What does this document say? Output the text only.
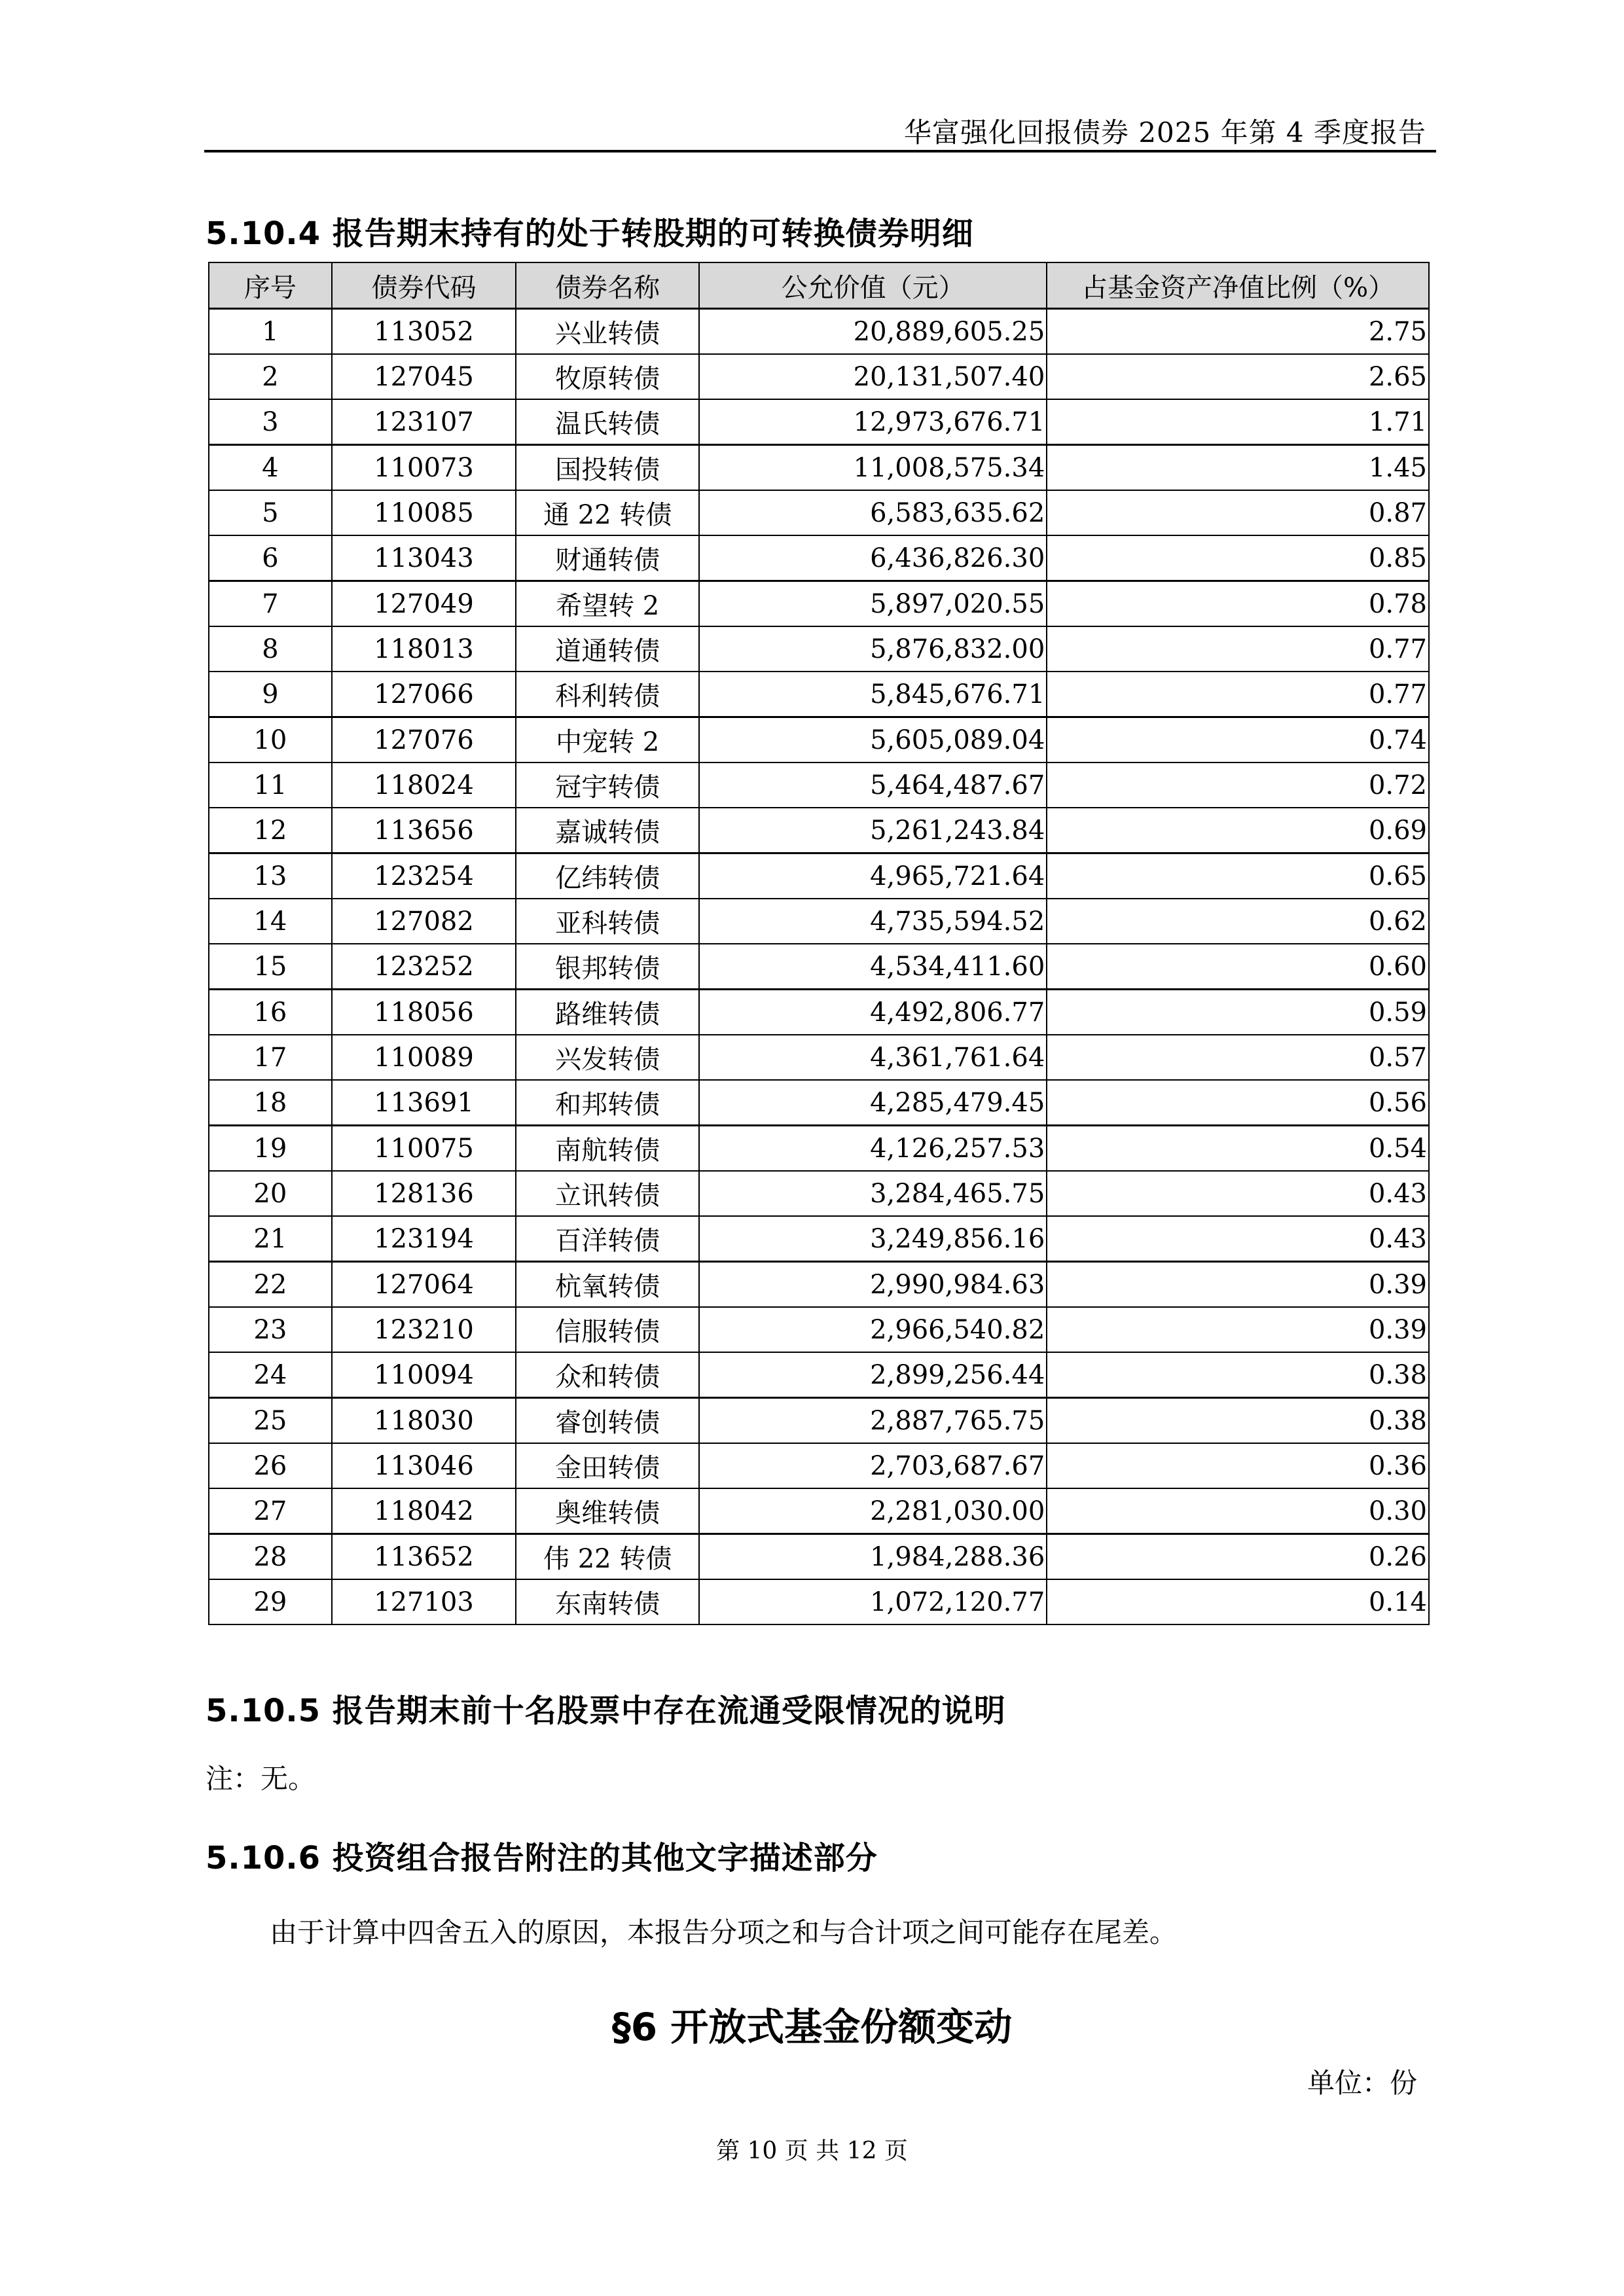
华富强化回报债券 2025 年第 4 季度报告
5.10.4 报告期末持有的处于转股期的可转换债券明细
序号	债券代码	债券名称	公允价值（元）	占基金资产净值比例（%）
1	113052	兴业转债	20,889,605.25	2.75
2	127045	牧原转债	20,131,507.40	2.65
3	123107	温氏转债	12,973,676.71	1.71
4	110073	国投转债	11,008,575.34	1.45
5	110085	通 22 转债	6,583,635.62	0.87
6	113043	财通转债	6,436,826.30	0.85
7	127049	希望转 2	5,897,020.55	0.78
8	118013	道通转债	5,876,832.00	0.77
9	127066	科利转债	5,845,676.71	0.77
10	127076	中宠转 2	5,605,089.04	0.74
11	118024	冠宇转债	5,464,487.67	0.72
12	113656	嘉诚转债	5,261,243.84	0.69
13	123254	亿纬转债	4,965,721.64	0.65
14	127082	亚科转债	4,735,594.52	0.62
15	123252	银邦转债	4,534,411.60	0.60
16	118056	路维转债	4,492,806.77	0.59
17	110089	兴发转债	4,361,761.64	0.57
18	113691	和邦转债	4,285,479.45	0.56
19	110075	南航转债	4,126,257.53	0.54
20	128136	立讯转债	3,284,465.75	0.43
21	123194	百洋转债	3,249,856.16	0.43
22	127064	杭氧转债	2,990,984.63	0.39
23	123210	信服转债	2,966,540.82	0.39
24	110094	众和转债	2,899,256.44	0.38
25	118030	睿创转债	2,887,765.75	0.38
26	113046	金田转债	2,703,687.67	0.36
27	118042	奥维转债	2,281,030.00	0.30
28	113652	伟 22 转债	1,984,288.36	0.26
29	127103	东南转债	1,072,120.77	0.14
5.10.5 报告期末前十名股票中存在流通受限情况的说明
注：无。
5.10.6 投资组合报告附注的其他文字描述部分
由于计算中四舍五入的原因，本报告分项之和与合计项之间可能存在尾差。
§6 开放式基金份额变动
单位：份
第 10 页 共 12 页
